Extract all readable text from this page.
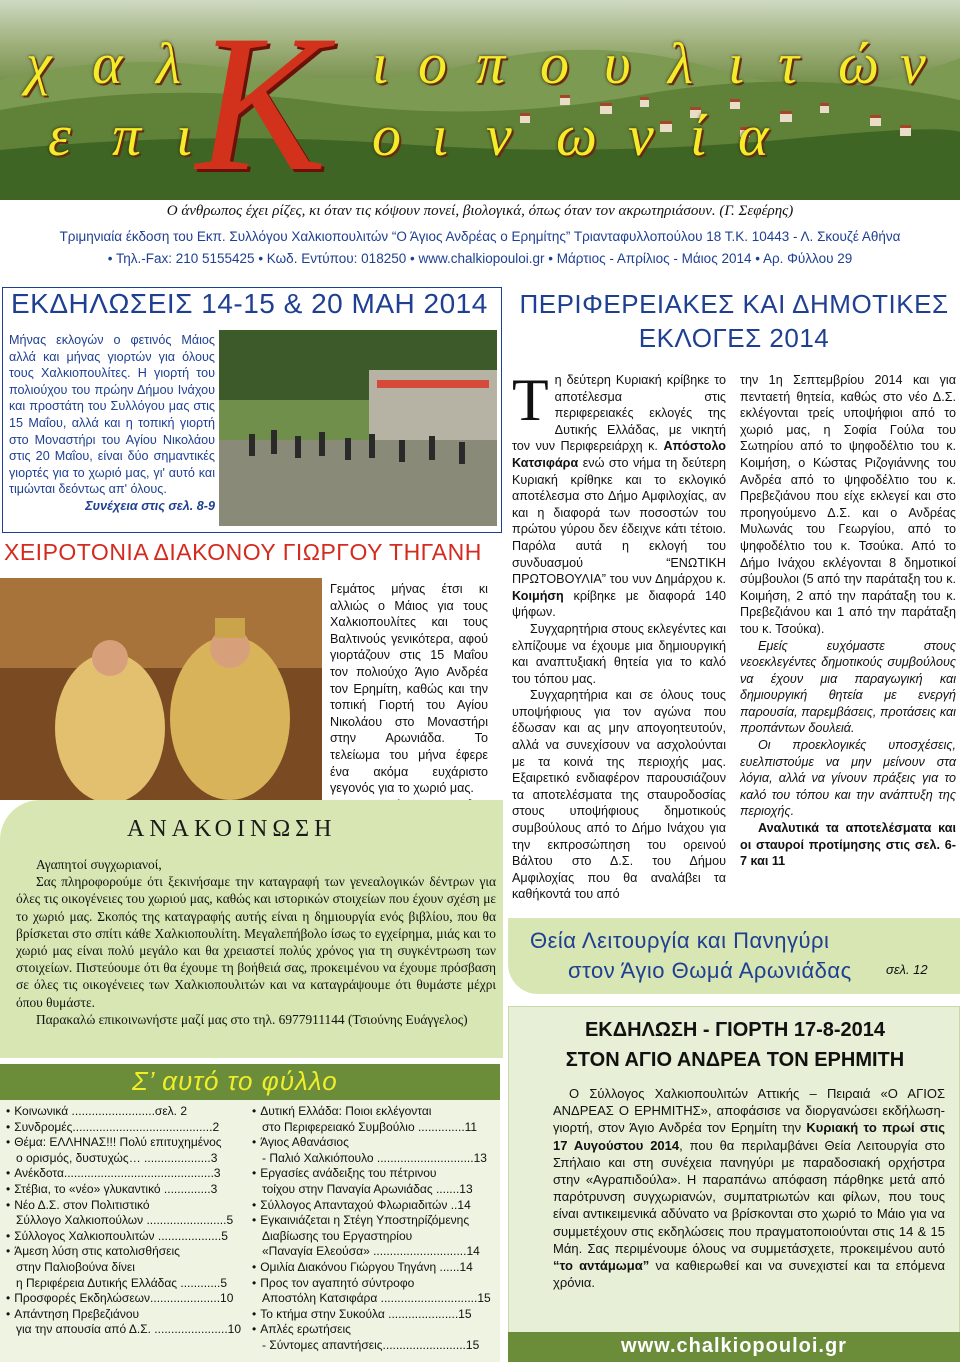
K
χ α λ	ι ο π ο υ λ ι τ ώ ν
ε π ι	ο ι ν ω ν ί α
Ο άνθρωπος έχει ρίζες, κι όταν τις κόψουν πονεί, βιολογικά, όπως όταν τον ακρωτηριάσουν. (Γ. Σεφέρης)
Τριμηνιαία έκδοση του Εκπ. Συλλόγου Χαλκιοπουλιτών “Ο Άγιος Ανδρέας ο Ερημίτης” Τριανταφυλλοπούλου 18 Τ.Κ. 10443 - Λ. Σκουζέ Αθήνα
• Τηλ.-Fax: 210 5155425 • Κωδ. Εντύπου: 018250 • www.chalkiopouloi.gr • Μάρτιος - Απρίλιος - Μάιος 2014 • Αρ. Φύλλου 29
ΕΚΔΗΛΩΣΕΙΣ 14-15 & 20 ΜΑΗ 2014
Μήνας εκλογών ο φετινός Μάιος αλλά και μήνας γιορτών για όλους τους Χαλκιοπουλίτες. Η γιορτή του πολιούχου του πρώην Δήμου Ινάχου και προστάτη του Συλλόγου μας στις 15 Μαΐου, αλλά και η τοπική γιορτή στο Μοναστήρι του Αγίου Νικολάου στις 20 Μαΐου, είναι δύο σημαντικές γιορτές για το χωριό μας, γι' αυτό και τιμώνται δεόντως απ' όλους.
Συνέχεια στις σελ. 8-9
ΧΕΙΡΟΤΟΝΙΑ ΔΙΑΚΟΝΟΥ ΓΙΩΡΓΟΥ ΤΗΓΑΝΗ
Γεμάτος μήνας έτσι κι αλλιώς ο Μάιος για τους Χαλκιοπουλίτες και τους Βαλτινούς γενικότερα, αφού γιορτάζουν στις 15 Μαΐου τον πολιούχο Άγιο Ανδρέα τον Ερημίτη, καθώς και την τοπική Γιορτή του Αγίου Νικολάου στο Μοναστήρι στην Αρωνιάδα. Το τελείωμα του μήνα έφερε ένα ακόμα ευχάριστο γεγονός για το χωριό μας.
ΑΝΑΚΟΙΝΩΣΗ

Αγαπητοί συγχωριανοί,

Σας πληροφορούμε ότι ξεκινήσαμε την καταγραφή των γενεαλογικών δέντρων για όλες τις οικογένειες του χωριού μας, καθώς και ιστορικών στοιχείων που έχουν σχέση με το χωριό μας. Σκοπός της καταγραφής αυτής είναι η δημιουργία ενός βιβλίου, που θα βρίσκεται στο σπίτι κάθε Χαλκιοπουλίτη. Μεγαλεπήβολο ίσως το εγχείρημα, μιάς και το χωριό μας είναι πολύ μεγάλο και θα χρειαστεί πολύς χρόνος για τη συγκέντρωση των στοιχείων. Πιστεύουμε ότι θα έχουμε τη βοήθειά σας, προκειμένου να έχουμε πρόσβαση σε όλες τις οικογένειες των Χαλκιοπουλιτών και να καταγράψουμε ότι θυμάστε μέχρι όπου θυμάστε.

Παρακαλώ επικοινωνήστε μαζί μας στο τηλ. 6977911144 (Τσιούνης Ευάγγελος)

Σ’ αυτό το φύλλο
• Κοινωνικά .........................σελ. 2
• Συνδρομές..........................................2
• Θέμα: ΕΛΛΗΝΑΣ!!! Πολύ επιτυχημένος
ο ορισμός, δυστυχώς… ....................3
• Ανέκδοτα.............................................3
• Στέβια, το «νέο» γλυκαντικό ..............3
• Νέο Δ.Σ. στον Πολιτιστικό
Σύλλογο Χαλκιοπούλων ........................5
• Σύλλογος Χαλκιοπουλιτών ...................5
• Άμεση λύση στις κατολισθήσεις
στην Παλιοβούνα δίνει
η Περιφέρεια Δυτικής Ελλάδας ............5
• Προσφορές Εκδηλώσεων.....................10
• Απάντηση Πρεβεζιάνου
για την απουσία από Δ.Σ. ......................10
• Δυτική Ελλάδα: Ποιοι εκλέγονται
στο Περιφερειακό Συμβούλιο ..............11
• Άγιος Αθανάσιος
- Παλιό Χαλκιόπουλο .............................13
• Εργασίες ανάδειξης του πέτρινου
τοίχου στην Παναγία Αρωνιάδας .......13
• Σύλλογος Απανταχού Φλωριαδιτών ..14
• Εγκαινιάζεται η Στέγη Υποστηρίζόμενης
Διαβίωσης του Εργαστηρίου
«Παναγία Ελεούσα» ............................14
• Ομιλία Διακόνου Γιώργου Τηγάνη ......14
• Προς τον αγαπητό σύντροφο
Αποστόλη Κατσιφάρα .............................15
• Το κτήμα στην Συκούλα .....................15
• Απλές ερωτήσεις
- Σύντομες απαντήσεις.........................15
ΠΕΡΙΦΕΡΕΙΑΚΕΣ ΚΑΙ ΔΗΜΟΤΙΚΕΣ
ΕΚΛΟΓΕΣ 2014

Τη δεύτερη Κυριακή κρίβηκε το αποτέλεσμα στις περιφερειακές εκλογές της Δυτικής Ελλάδας, με νικητή τον νυν Περιφερειάρχη κ. Απόστολο Κατσιφάρα ενώ στο νήμα τη δεύτερη Κυριακή κρίθηκε και το εκλογικό αποτέλεσμα στο Δήμο Αμφιλοχίας, αν και η διαφορά των ποσοστών του πρώτου γύρου δεν έδειχνε κάτι τέτοιο. Παρόλα αυτά η εκλογή του συνδυασμού “ΕΝΩΤΙΚΗ ΠΡΩΤΟΒΟΥΛΙΑ” του νυν Δημάρχου κ. Κοιμήση κρίβηκε με διαφορά 140 ψήφων.

Συγχαρητήρια στους εκλεγέντες και ελπίζουμε να έχουμε μια δημιουργική και αναπτυξιακή θητεία για το καλό του τόπου μας.

Συγχαρητήρια και σε όλους τους υποψήφιους για τον αγώνα που έδωσαν και ας μην απογοητευτούν, αλλά να συνεχίσουν να ασχολούνται με τα κοινά της περιοχής μας. Εξαιρετικό ενδιαφέρον παρουσιάζουν τα αποτελέσματα της σταυροδοσίας στους υποψήφιους δημοτικούς συμβούλους από το Δήμο Ινάχου για την εκπροσώπηση του ορεινού Βάλτου στο Δ.Σ. του Δήμου Αμφιλοχίας που θα αναλάβει τα καθήκοντά του από

την 1η Σεπτεμβρίου 2014 και για πενταετή θητεία, καθώς στο νέο Δ.Σ. εκλέγονται τρείς υποψήφιοι από το χωριό μας, η Σοφία Γούλα του Σωτηρίου από το ψηφοδέλτιο του κ. Κοιμήση, ο Κώστας Ριζογιάννης του Ανδρέα από το ψηφοδέλτιο του κ. Πρεβεζιάνου που είχε εκλεγεί και στο προηγούμενο Δ.Σ. και ο Ανδρέας Μυλωνάς του Γεωργίου, από το ψηφοδέλτιο του κ. Τσούκα. Από το Δήμο Ινάχου εκλέγονται 8 δημοτικοί σύμβουλοι (5 από την παράταξη του κ. Κοιμήση, 2 από την παράταξη του κ. Πρεβεζιάνου και 1 από την παράταξη του κ. Τσούκα).

Εμείς ευχόμαστε στους νεοεκλεγέντες δημοτικούς συμβούλους να έχουν μια παραγωγική και δημιουργική θητεία με ενεργή παρουσία, παρεμβάσεις, προτάσεις και προπάντων δουλειά.

Οι προεκλογικές υποσχέσεις, ευελπιστούμε να μην μείνουν στα λόγια, αλλά να γίνουν πράξεις για το καλό του τόπου και την ανάπτυξη της περιοχής.

Αναλυτικά τα αποτελέσματα και οι σταυροί προτίμησης στις σελ. 6-7 και 11

Θεία Λειτουργία και Πανηγύρι
στον Άγιο Θωμά Αρωνιάδας	σελ. 12
ΕΚΔΗΛΩΣΗ - ΓΙΟΡΤΗ 17-8-2014
ΣΤΟΝ ΑΓΙΟ ΑΝΔΡΕΑ ΤΟΝ ΕΡΗΜΙΤΗ

Ο Σύλλογος Χαλκιοπουλιτών Αττικής – Πειραιά «Ο ΑΓΙΟΣ ΑΝΔΡΕΑΣ Ο ΕΡΗΜΙΤΗΣ», αποφάσισε να διοργανώσει εκδήλωση- γιορτή, στον Άγιο Ανδρέα τον Ερημίτη την Κυριακή το πρωί στις 17 Αυγούστου 2014, που θα περιλαμβάνει Θεία Λειτουργία στο Σπήλαιο και στη συνέχεια πανηγύρι με παραδοσιακή ορχήστρα στην «Αγραπιδούλα». Η παραπάνω απόφαση πάρθηκε μετά από παρότρυνση συγχωριανών, συμπατριωτών και φίλων, που τους είναι αντικειμενικά αδύνατο να βρίσκονται στο χωριό το Μάιο για να συμμετέχουν στις εκδηλώσεις που πραγματοποιούνται στις 14 & 15 Μάη. Σας περιμένουμε όλους να συμμετάσχετε, προκειμένου αυτό “το αντάμωμα” να καθιερωθεί και να συνεχιστεί και τα επόμενα χρόνια.

www.chalkiopouloi.gr
